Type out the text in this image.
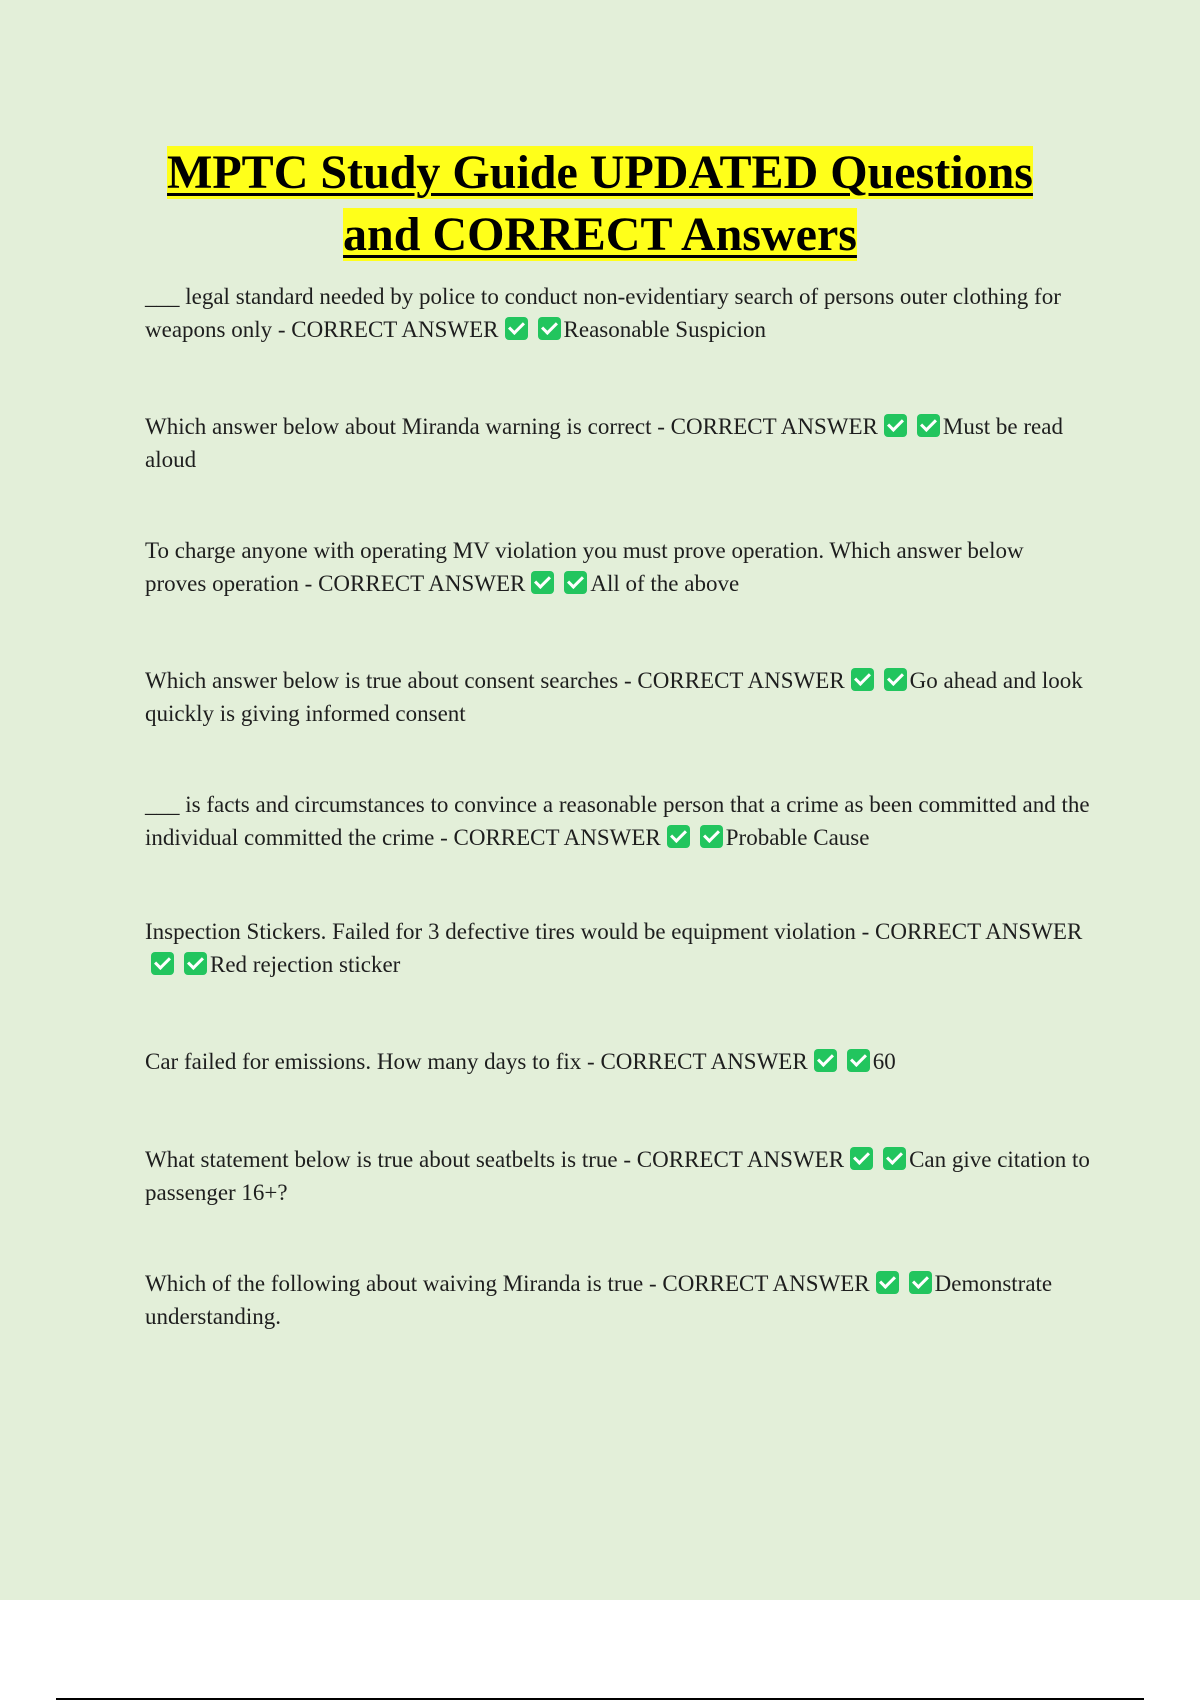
MPTC Study Guide UPDATED Questions
and CORRECT Answers

___ legal standard needed by police to conduct non-evidentiary search of persons outer clothing for weapons only - CORRECT ANSWER	Reasonable Suspicion

Which answer below about Miranda warning is correct - CORRECT ANSWER	Must be read aloud

To charge anyone with operating MV violation you must prove operation. Which answer below proves operation - CORRECT ANSWER	All of the above

Which answer below is true about consent searches - CORRECT ANSWER	Go ahead and look quickly is giving informed consent

___ is facts and circumstances to convince a reasonable person that a crime as been committed and the individual committed the crime - CORRECT ANSWER	Probable Cause

Inspection Stickers. Failed for 3 defective tires would be equipment violation - CORRECT ANSWERRed rejection sticker

Car failed for emissions. How many days to fix - CORRECT ANSWER	60

What statement below is true about seatbelts is true - CORRECT ANSWER	Can give citation to passenger 16+?

Which of the following about waiving Miranda is true - CORRECT ANSWER	Demonstrate understanding.
